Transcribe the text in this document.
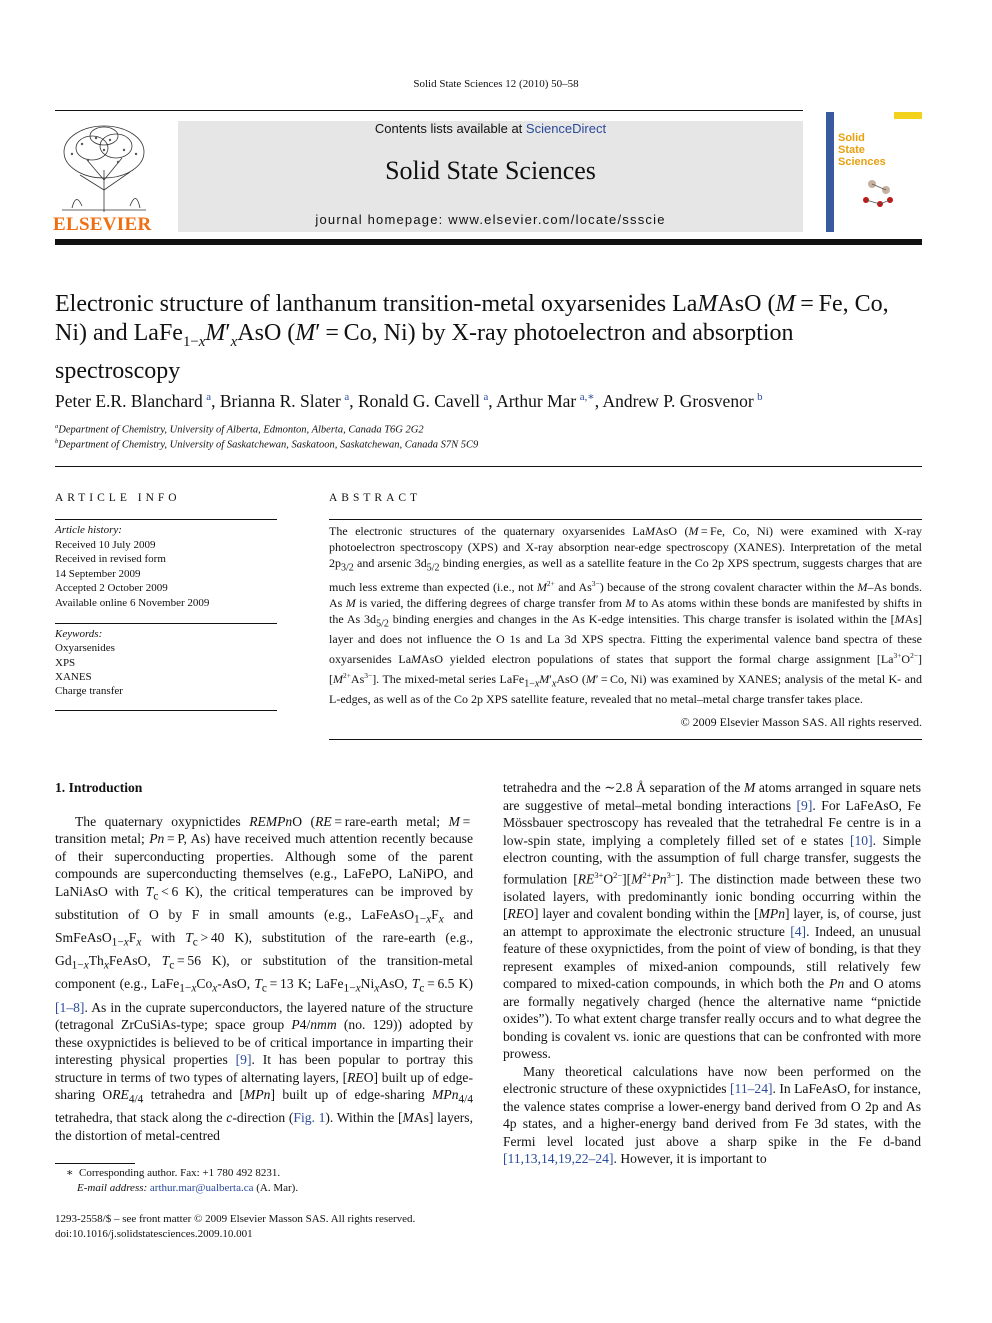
Solid State Sciences 12 (2010) 50–58
ELSEVIER
Contents lists available at ScienceDirect
Solid State Sciences
journal homepage: www.elsevier.com/locate/ssscie
Solid
State
Sciences
Electronic structure of lanthanum transition-metal oxyarsenides LaMAsO (M = Fe, Co, Ni) and $LaFe_{1-x}M'_xAsO$ (M′ = Co, Ni) by X-ray photoelectron and absorption spectroscopy
Peter E.R. Blanchard  $^a$, Brianna R. Slater  $^a$, Ronald G. Cavell  $^a$, Arthur Mar  $^{a,∗}$, Andrew P. Grosvenor  $^b$
$^a$Department of Chemistry, University of Alberta, Edmonton, Alberta, Canada T6G 2G2
$^b$Department of Chemistry, University of Saskatchewan, Saskatoon, Saskatchewan, Canada S7N 5C9
ARTICLE INFO	ABSTRACT
Article history:
Received 10 July 2009
Received in revised form
14 September 2009
Accepted 2 October 2009
Available online 6 November 2009
Keywords:
Oxyarsenides
XPS
XANES
Charge transfer
The electronic structures of the quaternary oxyarsenides LaMAsO (M = Fe, Co, Ni) were examined with X-ray photoelectron spectroscopy (XPS) and X-ray absorption near-edge spectroscopy (XANES). Interpretation of the metal $2p_{3/2}$ and arsenic $3d_{5/2}$ binding energies, as well as a satellite feature in the Co 2p XPS spectrum, suggests charges that are much less extreme than expected (i.e., not $M^{2+}$ and $As^{3-}$) because of the strong covalent character within the M–As bonds. As M is varied, the differing degrees of charge transfer from M to As atoms within these bonds are manifested by shifts in the As $3d_{5/2}$ binding energies and changes in the As K-edge intensities. This charge transfer is isolated within the [MAs] layer and does not influence the O 1s and La 3d XPS spectra. Fitting the experimental valence band spectra of these oxyarsenides LaMAsO yielded electron populations of states that support the formal charge assignment $[La^{3+}O^{2-}][M^{2+}As^{3-}]$. The mixed-metal series $LaFe_{1-x}M'_xAsO$ (M′ = Co, Ni) was examined by XANES; analysis of the metal K- and L-edges, as well as of the Co 2p XPS satellite feature, revealed that no metal–metal charge transfer takes place.
© 2009 Elsevier Masson SAS. All rights reserved.

1. Introduction

The quaternary oxypnictides REMPnO (RE = rare-earth metal; M = transition metal; Pn = P, As) have received much attention recently because of their superconducting properties. Although some of the parent compounds are superconducting themselves (e.g., LaFePO, LaNiPO, and LaNiAsO with $T_c < 6$ K), the critical temperatures can be improved by substitution of O by F in small amounts (e.g., $LaFeAsO_{1-x}F_x$ and $SmFeAsO_{1-x}F_x$ with $T_c > 40$ K), substitution of the rare-earth (e.g., $Gd_{1-x}Th_xFeAsO$, $T_c = 56$ K), or substitution of the transition-metal component (e.g., $LaFe_{1-x}Co_x$-AsO, $T_c = 13$ K; $LaFe_{1-x}Ni_xAsO$, $T_c = 6.5$ K) [1–8]. As in the cuprate superconductors, the layered nature of the structure (tetragonal ZrCuSiAs-type; space group P4/nmm (no. 129)) adopted by these oxypnictides is believed to be of critical importance in imparting their interesting physical properties [9]. It has been popular to portray this structure in terms of two types of alternating layers, [REO] built up of edge-sharing $ORE_{4/4}$ tetrahedra and [MPn] built up of edge-sharing MPn$_{4/4}$ tetrahedra, that stack along the c-direction (Fig. 1). Within the [MAs] layers, the distortion of metal-centred

tetrahedra and the ∼2.8 Å separation of the M atoms arranged in square nets are suggestive of metal–metal bonding interactions [9]. For LaFeAsO, Fe Mössbauer spectroscopy has revealed that the tetrahedral Fe centre is in a low-spin state, implying a completely filled set of e states [10]. Simple electron counting, with the assumption of full charge transfer, suggests the formulation $[RE^{3+}O^{2-}][M^{2+}Pn^{3-}]$. The distinction made between these two isolated layers, with predominantly ionic bonding occurring within the [REO] layer and covalent bonding within the [MPn] layer, is, of course, just an attempt to approximate the electronic structure [4]. Indeed, an unusual feature of these oxypnictides, from the point of view of bonding, is that they represent examples of mixed-anion compounds, still relatively few compared to mixed-cation compounds, in which both the Pn and O atoms are formally negatively charged (hence the alternative name “pnictide oxides”). To what extent charge transfer really occurs and to what degree the bonding is covalent vs. ionic are questions that can be confronted with more prowess.

Many theoretical calculations have now been performed on the electronic structure of these oxypnictides [11–24]. In LaFeAsO, for instance, the valence states comprise a lower-energy band derived from O 2p and As 4p states, and a higher-energy band derived from Fe 3d states, with the Fermi level located just above a sharp spike in the Fe d-band [11,13,14,19,22–24]. However, it is important to

 ∗ Corresponding author. Fax: +1 780 492 8231.
  E-mail address: arthur.mar@ualberta.ca (A. Mar).
1293-2558/$ – see front matter © 2009 Elsevier Masson SAS. All rights reserved.
doi:10.1016/j.solidstatesciences.2009.10.001
